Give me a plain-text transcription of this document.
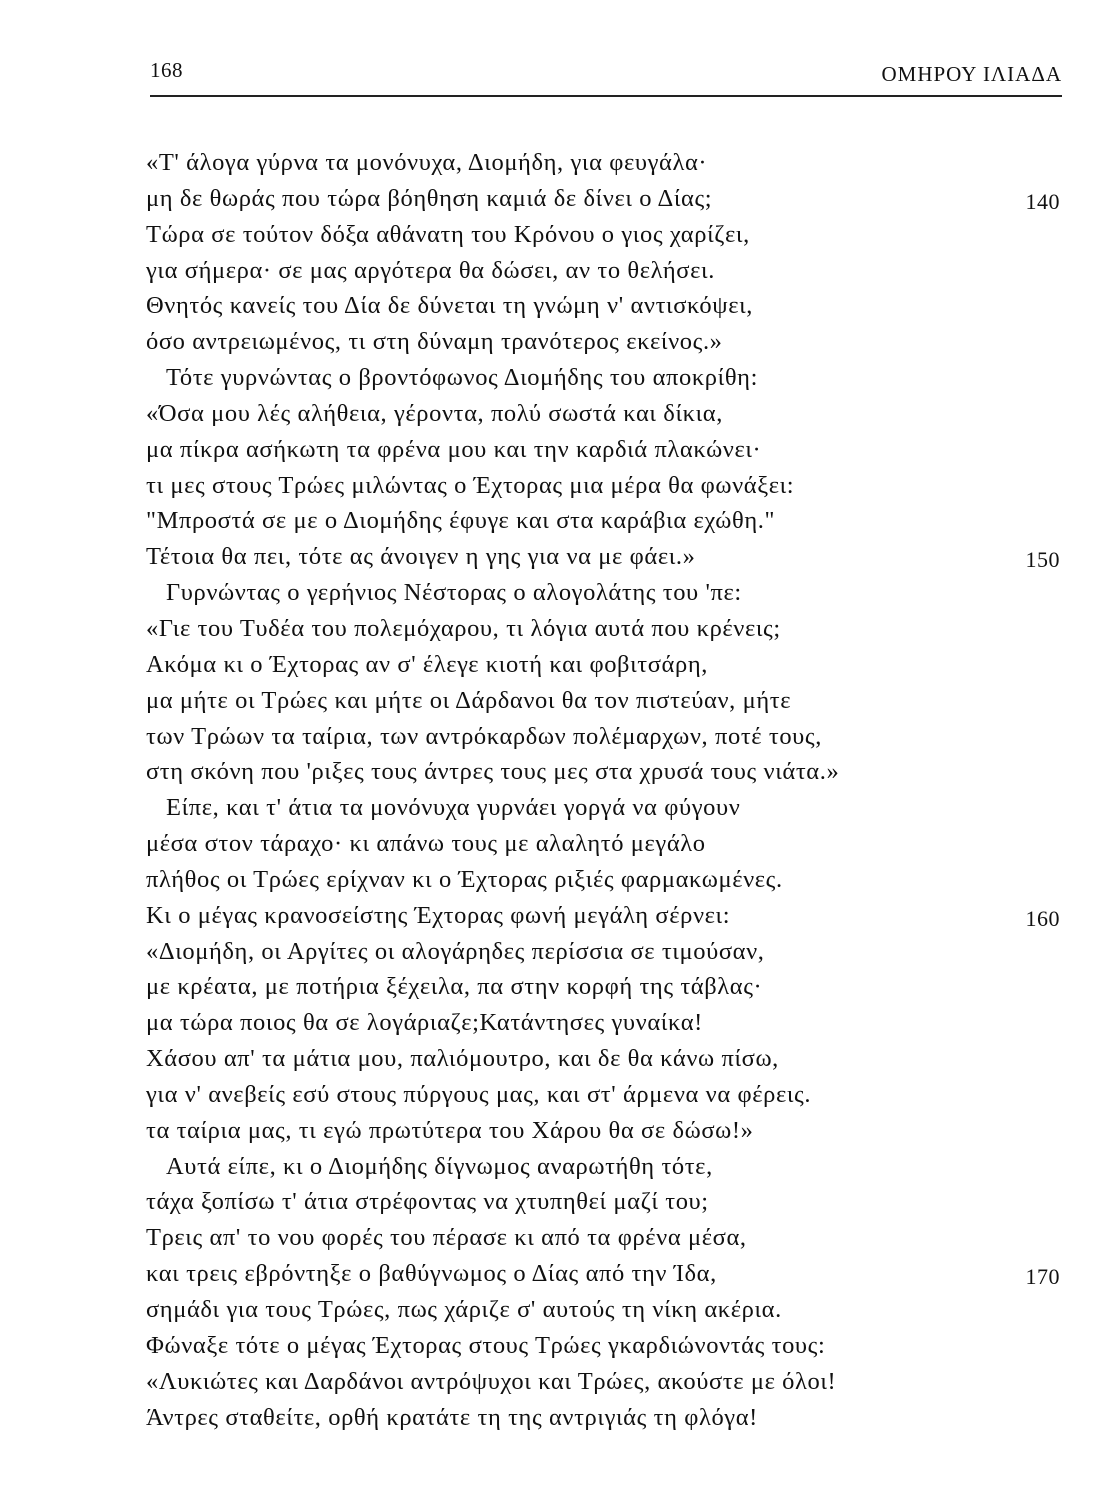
168	ΟΜΗΡΟΥ ΙΛΙΑΔΑ
«Τ' άλογα γύρνα τα μονόνυχα, Διομήδη, για φευγάλα·
μη δε θωράς που τώρα βόηθηση καμιά δε δίνει ο Δίας;	140
Τώρα σε τούτον δόξα αθάνατη του Κρόνου ο γιος χαρίζει,
για σήμερα· σε μας αργότερα θα δώσει, αν το θελήσει.
Θνητός κανείς του Δία δε δύνεται τη γνώμη ν' αντισκόψει,
όσο αντρειωμένος, τι στη δύναμη τρανότερος εκείνος.»
Τότε γυρνώντας ο βροντόφωνος Διομήδης του αποκρίθη:
«Όσα μου λές αλήθεια, γέροντα, πολύ σωστά και δίκια,
μα πίκρα ασήκωτη τα φρένα μου και την καρδιά πλακώνει·
τι μες στους Τρώες μιλώντας ο Έχτορας μια μέρα θα φωνάξει:
"Μπροστά σε με ο Διομήδης έφυγε και στα καράβια εχώθη."
Τέτοια θα πει, τότε ας άνοιγεν η γης για να με φάει.»	150
Γυρνώντας ο γερήνιος Νέστορας ο αλογολάτης του 'πε:
«Γιε του Τυδέα του πολεμόχαρου, τι λόγια αυτά που κρένεις;
Ακόμα κι ο Έχτορας αν σ' έλεγε κιοτή και φοβιτσάρη,
μα μήτε οι Τρώες και μήτε οι Δάρδανοι θα τον πιστεύαν, μήτε
των Τρώων τα ταίρια, των αντρόκαρδων πολέμαρχων, ποτέ τους,
στη σκόνη που 'ριξες τους άντρες τους μες στα χρυσά τους νιάτα.»
Είπε, και τ' άτια τα μονόνυχα γυρνάει γοργά να φύγουν
μέσα στον τάραχο· κι απάνω τους με αλαλητό μεγάλο
πλήθος οι Τρώες ερίχναν κι ο Έχτορας ριξιές φαρμακωμένες.
Κι ο μέγας κρανοσείστης Έχτορας φωνή μεγάλη σέρνει:	160
«Διομήδη, οι Αργίτες οι αλογάρηδες περίσσια σε τιμούσαν,
με κρέατα, με ποτήρια ξέχειλα, πα στην κορφή της τάβλας·
μα τώρα ποιος θα σε λογάριαζε;Κατάντησες γυναίκα!
Χάσου απ' τα μάτια μου, παλιόμουτρο, και δε θα κάνω πίσω,
για ν' ανεβείς εσύ στους πύργους μας, και στ' άρμενα να φέρεις.
τα ταίρια μας, τι εγώ πρωτύτερα του Χάρου θα σε δώσω!»
Αυτά είπε, κι ο Διομήδης δίγνωμος αναρωτήθη τότε,
τάχα ξοπίσω τ' άτια στρέφοντας να χτυπηθεί μαζί του;
Τρεις απ' το νου φορές του πέρασε κι από τα φρένα μέσα,
και τρεις εβρόντηξε ο βαθύγνωμος ο Δίας από την Ίδα,	170
σημάδι για τους Τρώες, πως χάριζε σ' αυτούς τη νίκη ακέρια.
Φώναξε τότε ο μέγας Έχτορας στους Τρώες γκαρδιώνοντάς τους:
«Λυκιώτες και Δαρδάνοι αντρόψυχοι και Τρώες, ακούστε με όλοι!
Άντρες σταθείτε, ορθή κρατάτε τη της αντριγιάς τη φλόγα!
